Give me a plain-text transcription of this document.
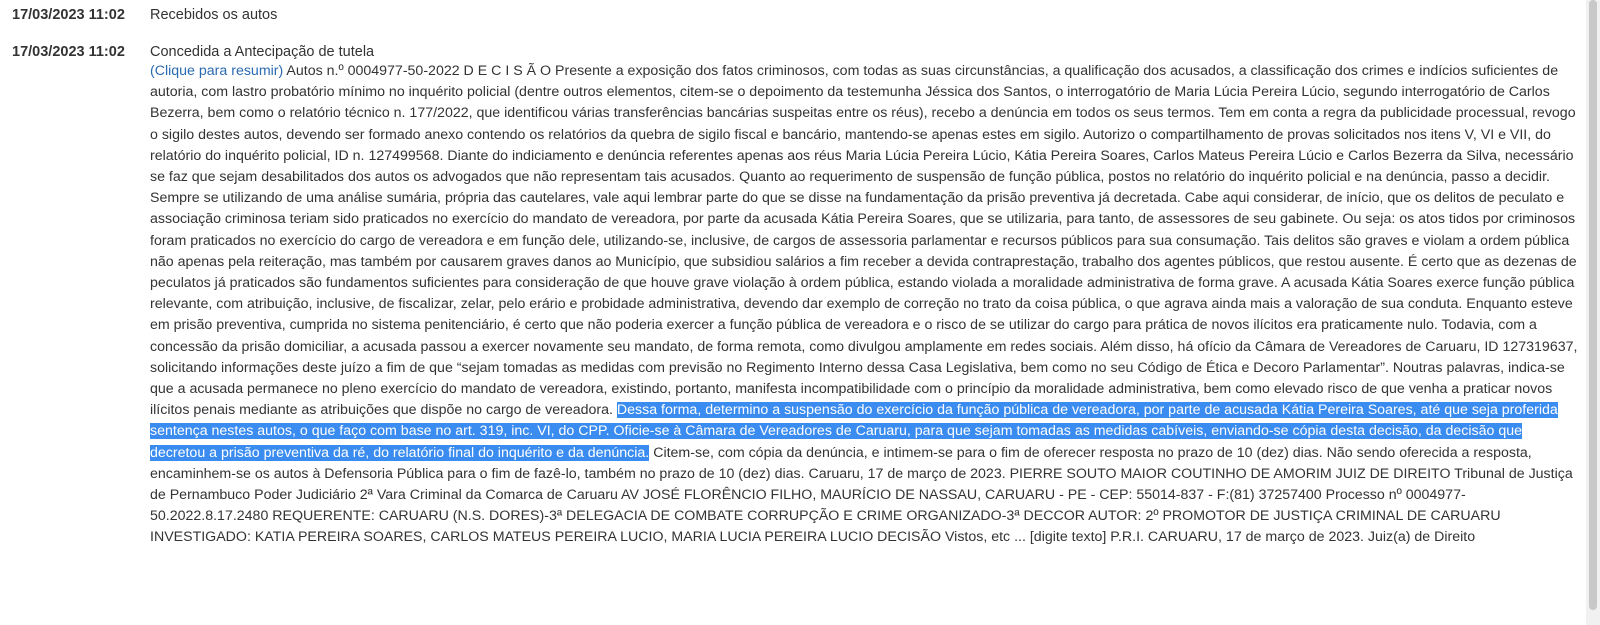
17/03/2023 11:02	Recebidos os autos
17/03/2023 11:02	Concedida a Antecipação de tutela
(Clique para resumir) Autos n.º 0004977-50-2022 D E C I S Ã O Presente a exposição dos fatos criminosos, com todas as suas circunstâncias, a qualificação dos acusados, a classificação dos crimes e indícios suficientes de autoria, com lastro probatório mínimo no inquérito policial (dentre outros elementos, citem-se o depoimento da testemunha Jéssica dos Santos, o interrogatório de Maria Lúcia Pereira Lúcio, segundo interrogatório de Carlos Bezerra, bem como o relatório técnico n. 177/2022, que identificou várias transferências bancárias suspeitas entre os réus), recebo a denúncia em todos os seus termos. Tem em conta a regra da publicidade processual, revogo o sigilo destes autos, devendo ser formado anexo contendo os relatórios da quebra de sigilo fiscal e bancário, mantendo-se apenas estes em sigilo. Autorizo o compartilhamento de provas solicitados nos itens V, VI e VII, do relatório do inquérito policial, ID n. 127499568. Diante do indiciamento e denúncia referentes apenas aos réus Maria Lúcia Pereira Lúcio, Kátia Pereira Soares, Carlos Mateus Pereira Lúcio e Carlos Bezerra da Silva, necessário se faz que sejam desabilitados dos autos os advogados que não representam tais acusados. Quanto ao requerimento de suspensão de função pública, postos no relatório do inquérito policial e na denúncia, passo a decidir. Sempre se utilizando de uma análise sumária, própria das cautelares, vale aqui lembrar parte do que se disse na fundamentação da prisão preventiva já decretada. Cabe aqui considerar, de início, que os delitos de peculato e associação criminosa teriam sido praticados no exercício do mandato de vereadora, por parte da acusada Kátia Pereira Soares, que se utilizaria, para tanto, de assessores de seu gabinete. Ou seja: os atos tidos por criminosos foram praticados no exercício do cargo de vereadora e em função dele, utilizando-se, inclusive, de cargos de assessoria parlamentar e recursos públicos para sua consumação. Tais delitos são graves e violam a ordem pública não apenas pela reiteração, mas também por causarem graves danos ao Município, que subsidiou salários a fim receber a devida contraprestação, trabalho dos agentes públicos, que restou ausente. É certo que as dezenas de peculatos já praticados são fundamentos suficientes para consideração de que houve grave violação à ordem pública, estando violada a moralidade administrativa de forma grave. A acusada Kátia Soares exerce função pública relevante, com atribuição, inclusive, de fiscalizar, zelar, pelo erário e probidade administrativa, devendo dar exemplo de correção no trato da coisa pública, o que agrava ainda mais a valoração de sua conduta. Enquanto esteve em prisão preventiva, cumprida no sistema penitenciário, é certo que não poderia exercer a função pública de vereadora e o risco de se utilizar do cargo para prática de novos ilícitos era praticamente nulo. Todavia, com a concessão da prisão domiciliar, a acusada passou a exercer novamente seu mandato, de forma remota, como divulgou amplamente em redes sociais. Além disso, há ofício da Câmara de Vereadores de Caruaru, ID 127319637, solicitando informações deste juízo a fim de que “sejam tomadas as medidas com previsão no Regimento Interno dessa Casa Legislativa, bem como no seu Código de Ética e Decoro Parlamentar”. Noutras palavras, indica-se que a acusada permanece no pleno exercício do mandato de vereadora, existindo, portanto, manifesta incompatibilidade com o princípio da moralidade administrativa, bem como elevado risco de que venha a praticar novos ilícitos penais mediante as atribuições que dispõe no cargo de vereadora. Dessa forma, determino a suspensão do exercício da função pública de vereadora, por parte de acusada Kátia Pereira Soares, até que seja proferida sentença nestes autos, o que faço com base no art. 319, inc. VI, do CPP. Oficie-se à Câmara de Vereadores de Caruaru, para que sejam tomadas as medidas cabíveis, enviando-se cópia desta decisão, da decisão que decretou a prisão preventiva da ré, do relatório final do inquérito e da denúncia. Citem-se, com cópia da denúncia, e intimem-se para o fim de oferecer resposta no prazo de 10 (dez) dias. Não sendo oferecida a resposta, encaminhem-se os autos à Defensoria Pública para o fim de fazê-lo, também no prazo de 10 (dez) dias. Caruaru, 17 de março de 2023. PIERRE SOUTO MAIOR COUTINHO DE AMORIM JUIZ DE DIREITO Tribunal de Justiça de Pernambuco Poder Judiciário 2ª Vara Criminal da Comarca de Caruaru AV JOSÉ FLORÊNCIO FILHO, MAURÍCIO DE NASSAU, CARUARU - PE - CEP: 55014-837 - F:(81) 37257400 Processo nº 0004977-50.2022.8.17.2480 REQUERENTE: CARUARU (N.S. DORES)-3ª DELEGACIA DE COMBATE CORRUPÇÃO E CRIME ORGANIZADO-3ª DECCOR AUTOR: 2º PROMOTOR DE JUSTIÇA CRIMINAL DE CARUARU INVESTIGADO: KATIA PEREIRA SOARES, CARLOS MATEUS PEREIRA LUCIO, MARIA LUCIA PEREIRA LUCIO DECISÃO Vistos, etc ... [digite texto] P.R.I. CARUARU, 17 de março de 2023. Juiz(a) de Direito
